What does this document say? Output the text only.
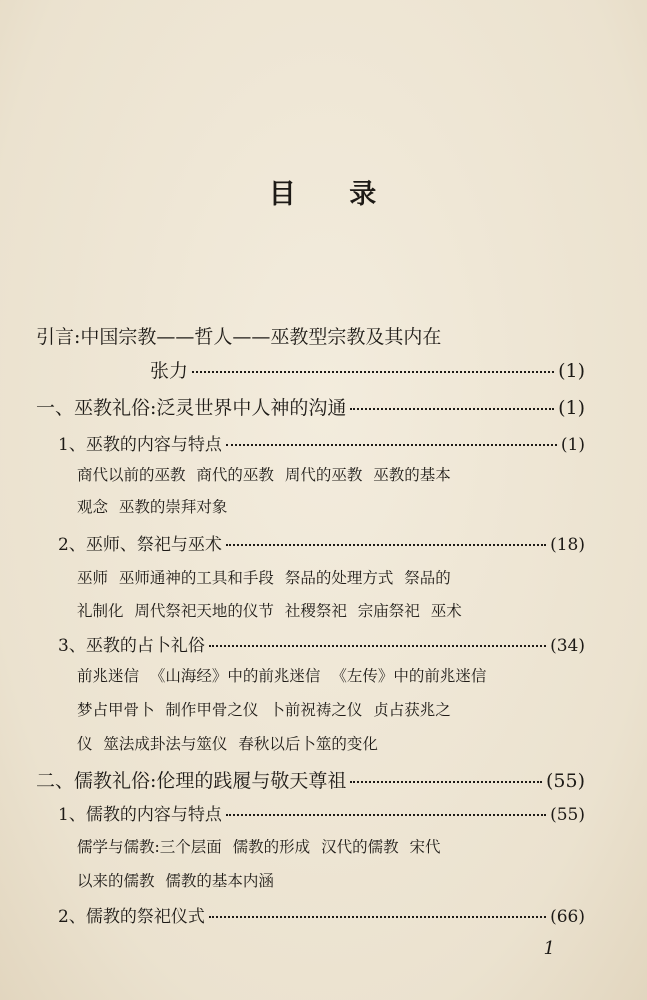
目 录
引言:中国宗教——哲人——巫教型宗教及其内在
张力	(1)
一、巫教礼俗:泛灵世界中人神的沟通	(1)
1、巫教的内容与特点	(1)
商代以前的巫教 商代的巫教 周代的巫教 巫教的基本
观念 巫教的崇拜对象
2、巫师、祭祀与巫术	(18)
巫师 巫师通神的工具和手段 祭品的处理方式 祭品的
礼制化 周代祭祀天地的仪节 社稷祭祀 宗庙祭祀 巫术
3、巫教的占卜礼俗	(34)
前兆迷信 《山海经》中的前兆迷信 《左传》中的前兆迷信
梦占甲骨卜 制作甲骨之仪 卜前祝祷之仪 贞占获兆之
仪 筮法成卦法与筮仪 春秋以后卜筮的变化
二、儒教礼俗:伦理的践履与敬天尊祖	(55)
1、儒教的内容与特点	(55)
儒学与儒教:三个层面 儒教的形成 汉代的儒教 宋代
以来的儒教 儒教的基本内涵
2、儒教的祭祀仪式	(66)
1
